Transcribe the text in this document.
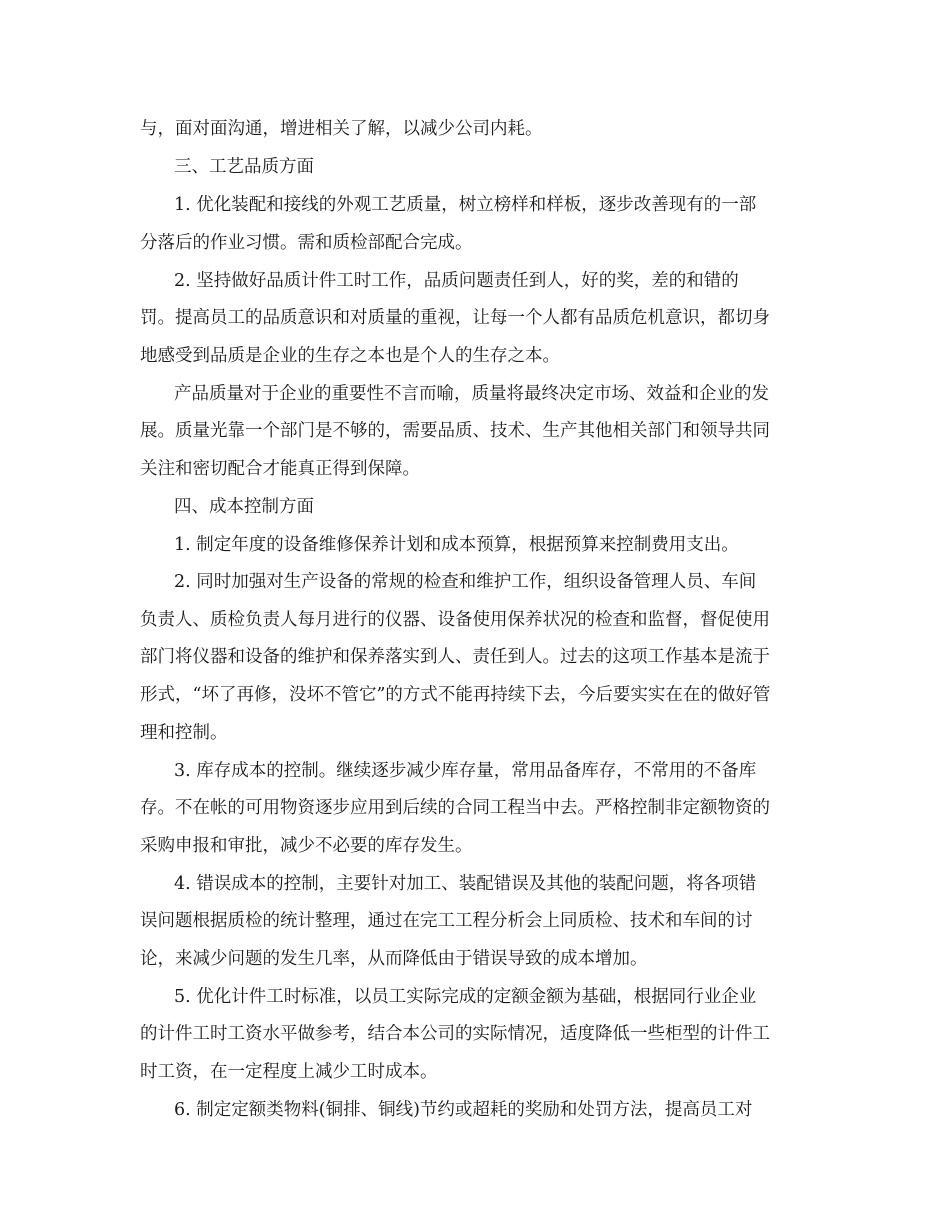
与，面对面沟通，增进相关了解，以减少公司内耗。
三、工艺品质方面
1. 优化装配和接线的外观工艺质量，树立榜样和样板，逐步改善现有的一部
分落后的作业习惯。需和质检部配合完成。
2. 坚持做好品质计件工时工作，品质问题责任到人，好的奖，差的和错的
罚。提高员工的品质意识和对质量的重视，让每一个人都有品质危机意识，都切身
地感受到品质是企业的生存之本也是个人的生存之本。
产品质量对于企业的重要性不言而喻，质量将最终决定市场、效益和企业的发
展。质量光靠一个部门是不够的，需要品质、技术、生产其他相关部门和领导共同
关注和密切配合才能真正得到保障。
四、成本控制方面
1. 制定年度的设备维修保养计划和成本预算，根据预算来控制费用支出。
2. 同时加强对生产设备的常规的检查和维护工作，组织设备管理人员、车间
负责人、质检负责人每月进行的仪器、设备使用保养状况的检查和监督，督促使用
部门将仪器和设备的维护和保养落实到人、责任到人。过去的这项工作基本是流于
形式，“坏了再修，没坏不管它”的方式不能再持续下去，今后要实实在在的做好管
理和控制。
3. 库存成本的控制。继续逐步减少库存量，常用品备库存，不常用的不备库
存。不在帐的可用物资逐步应用到后续的合同工程当中去。严格控制非定额物资的
采购申报和审批，减少不必要的库存发生。
4. 错误成本的控制，主要针对加工、装配错误及其他的装配问题，将各项错
误问题根据质检的统计整理，通过在完工工程分析会上同质检、技术和车间的讨
论，来减少问题的发生几率，从而降低由于错误导致的成本增加。
5. 优化计件工时标准，以员工实际完成的定额金额为基础，根据同行业企业
的计件工时工资水平做参考，结合本公司的实际情况，适度降低一些柜型的计件工
时工资，在一定程度上减少工时成本。
6. 制定定额类物料(铜排、铜线)节约或超耗的奖励和处罚方法，提高员工对
